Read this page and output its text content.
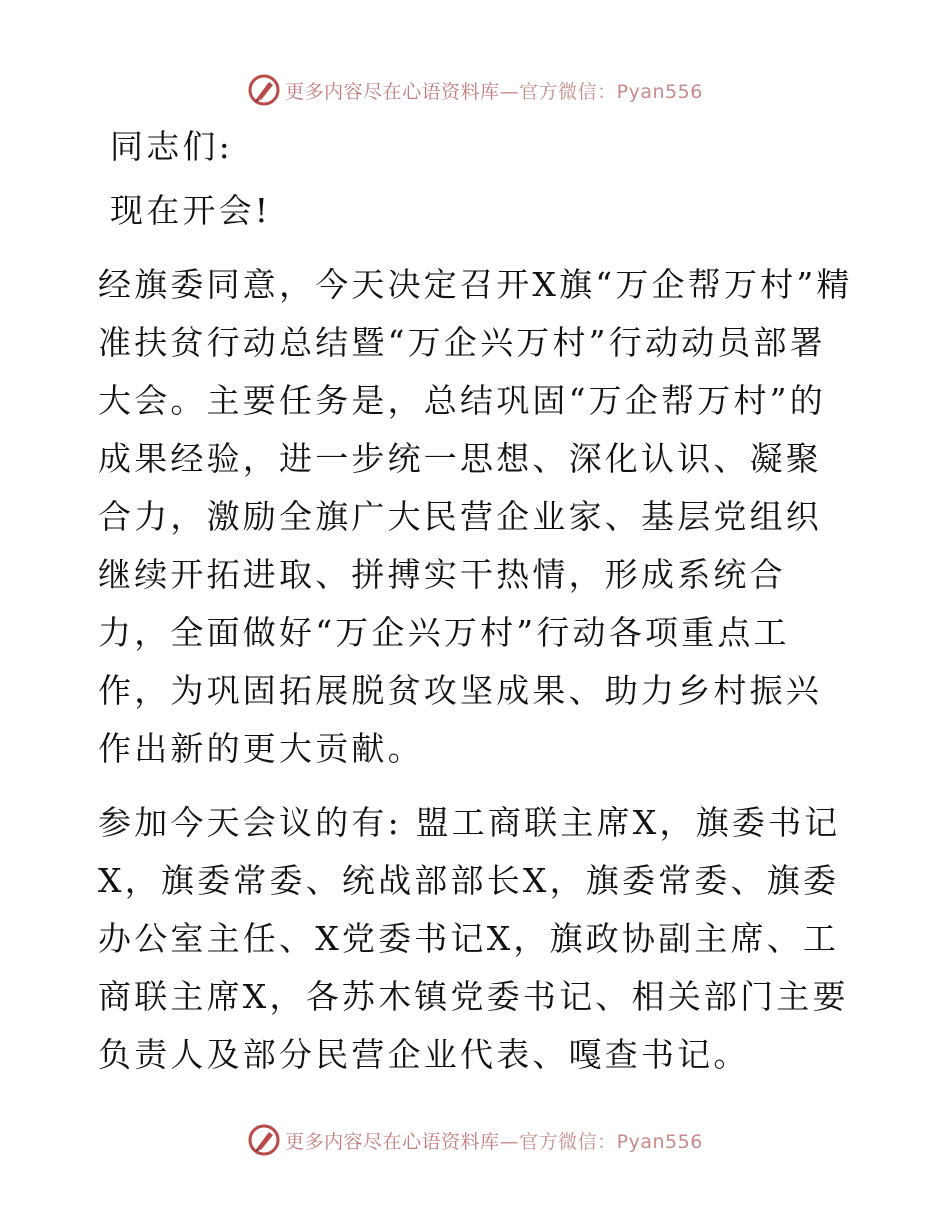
更多内容尽在心语资料库—官方微信：Pyan556

同志们:

现在开会!

经旗委同意，今天决定召开X旗“万企帮万村”精准扶贫行动总结暨“万企兴万村”行动动员部署大会。主要任务是，总结巩固“万企帮万村”的成果经验，进一步统一思想、深化认识、凝聚合力，激励全旗广大民营企业家、基层党组织继续开拓进取、拼搏实干热情，形成系统合力，全面做好“万企兴万村”行动各项重点工作，为巩固拓展脱贫攻坚成果、助力乡村振兴作出新的更大贡献。

参加今天会议的有: 盟工商联主席X，旗委书记X，旗委常委、统战部部长X，旗委常委、旗委办公室主任、X党委书记X，旗政协副主席、工商联主席X，各苏木镇党委书记、相关部门主要负责人及部分民营企业代表、嘎查书记。

更多内容尽在心语资料库—官方微信：Pyan556
